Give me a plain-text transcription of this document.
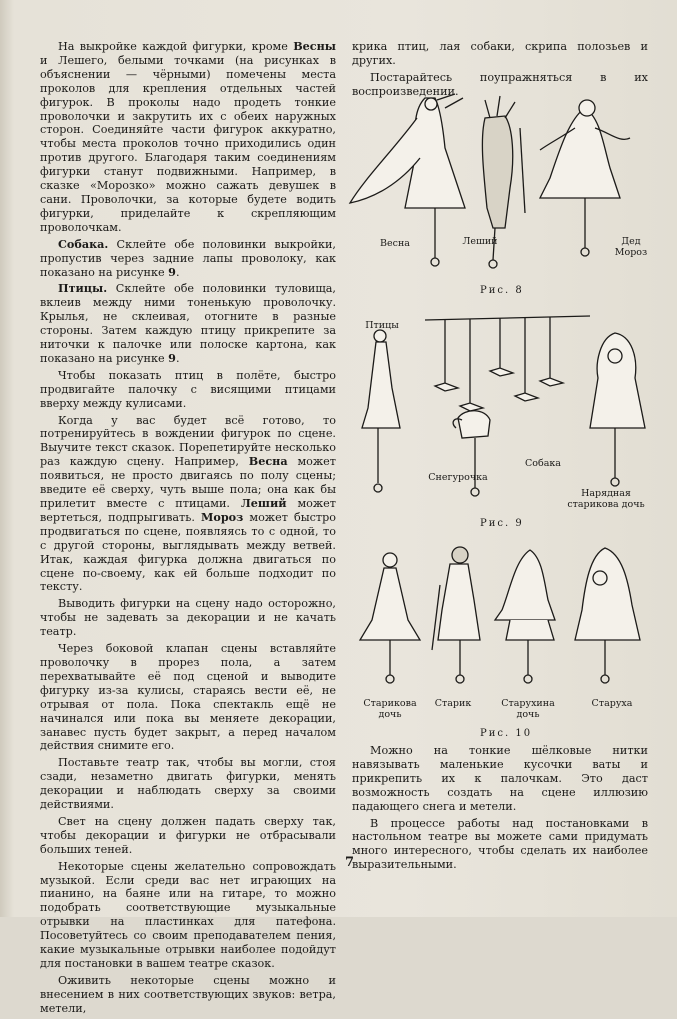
На выкройке каждой фигурки, кроме Весны и Лешего, белыми точками (на рисунках в объяснении — чёрными) помечены места проколов для крепления отдельных частей фигурок. В проколы надо продеть тонкие проволочки и закрутить их с обеих наружных сторон. Соединяйте части фигурок аккуратно, чтобы места проколов точно приходились один против другого. Благодаря таким соединениям фигурки станут подвижными. Например, в сказке «Морозко» можно сажать девушек в сани. Проволочки, за которые будете водить фигурки, приделайте к скрепляющим проволочкам.

Собака. Склейте обе половинки выкройки, пропустив через задние лапы проволоку, как показано на рисунке 9.

Птицы. Склейте обе половинки туловища, вклеив между ними тоненькую проволочку. Крылья, не склеивая, отогните в разные стороны. Затем каждую птицу прикрепите за ниточки к палочке или полоске картона, как показано на рисунке 9.

Чтобы показать птиц в полёте, быстро продвигайте палочку с висящими птицами вверху между кулисами.

Когда у вас будет всё готово, то потренируйтесь в вождении фигурок по сцене. Выучите текст сказок. Порепетируйте несколько раз каждую сцену. Например, Весна может появиться, не просто двигаясь по полу сцены; введите её сверху, чуть выше пола; она как бы прилетит вместе с птицами. Леший может вертеться, подпрыгивать. Мороз может быстро продвигаться по сцене, появляясь то с одной, то с другой стороны, выглядывать между ветвей. Итак, каждая фигурка должна двигаться по сцене по-своему, как ей больше подходит по тексту.

Выводить фигурки на сцену надо осторожно, чтобы не задевать за декорации и не качать театр.

Через боковой клапан сцены вставляйте проволочку в прорез пола, а затем перехватывайте её под сценой и выводите фигурку из-за кулисы, стараясь вести её, не отрывая от пола. Пока спектакль ещё не начинался или пока вы меняете декорации, занавес пусть будет закрыт, а перед началом действия снимите его.

Поставьте театр так, чтобы вы могли, стоя сзади, незаметно двигать фигурки, менять декорации и наблюдать сверху за своими действиями.

Свет на сцену должен падать сверху так, чтобы декорации и фигурки не отбрасывали больших теней.

Некоторые сцены желательно сопровождать музыкой. Если среди вас нет играющих на пианино, на баяне или на гитаре, то можно подобрать соответствующие музыкальные отрывки на пластинках для патефона. Посоветуйтесь со своим преподавателем пения, какие музыкальные отрывки наиболее подойдут для постановки в вашем театре сказок.

Оживить некоторые сцены можно и внесением в них соответствующих звуков: ветра, метели,

крика птиц, лая собаки, скрипа полозьев и других.

Постарайтесь поупражняться в их воспроизведении.

Весна	Леший	Дед Мороз
Рис. 8
Птицы
Снегурочка
Собака
Нарядная старикова дочь
Рис. 9
Старикова дочь
Старик	Старухина дочь
Старуха
Рис. 10

Можно на тонкие шёлковые нитки навязывать маленькие кусочки ваты и прикрепить их к палочкам. Это даст возможность создать на сцене иллюзию падающего снега и метели.

В процессе работы над постановками в настольном театре вы можете сами придумать много интересного, чтобы сделать их наиболее выразительными.

7
